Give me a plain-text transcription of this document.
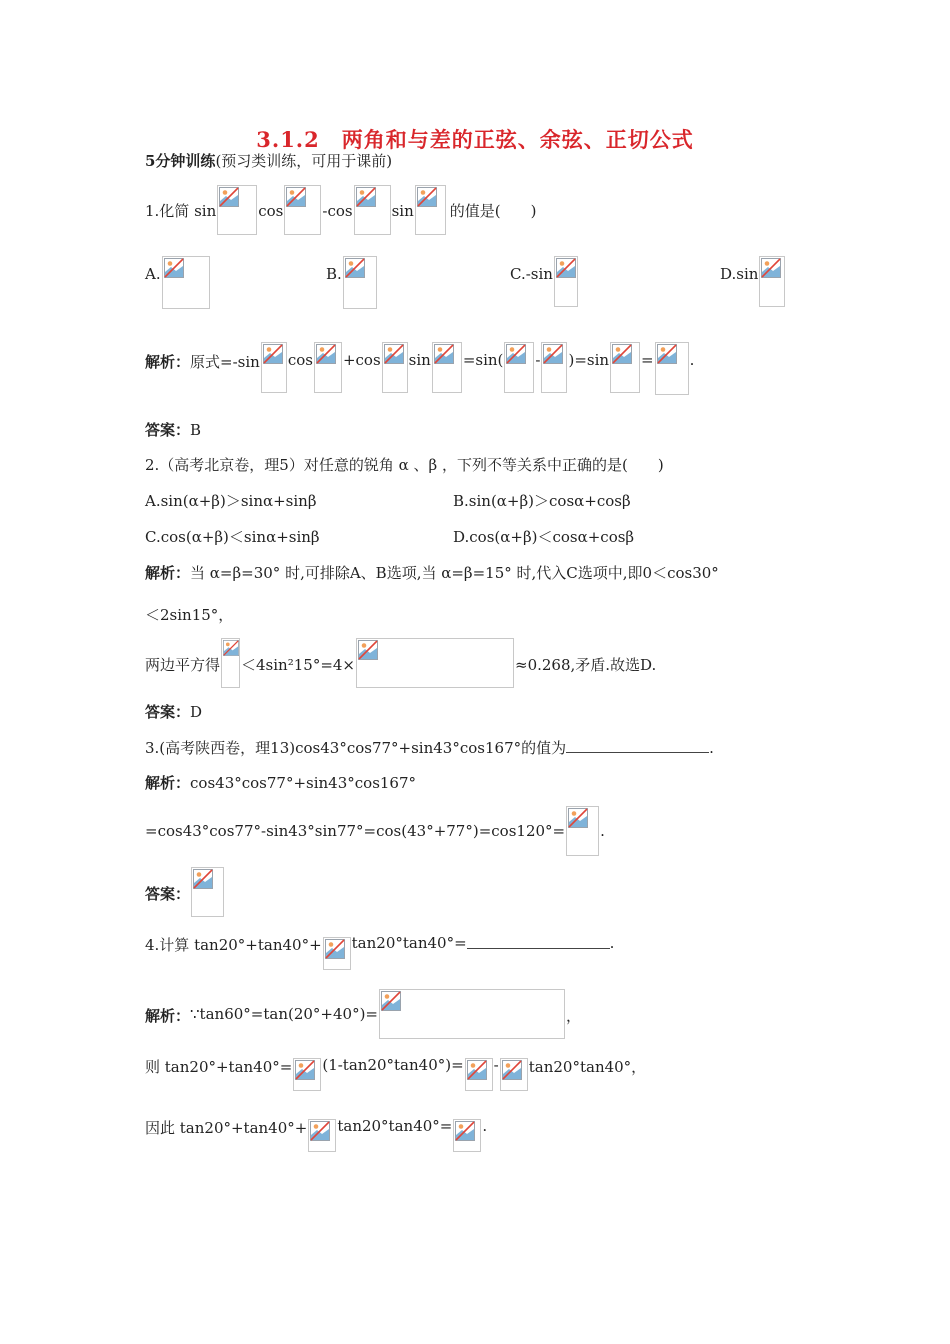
3.1.2　两角和与差的正弦、余弦、正切公式
5分钟训练(预习类训练，可用于课前)
1.化简 sin	cos	-cos	sin 的值是(　　)
A.	B.	C.-sin	D.sin
解析： 原式=-sin cos +cos sin =sin( - )=sin = .
答案：B
2.（高考北京卷，理5）对任意的锐角 α 、β ，下列不等关系中正确的是(　　)
A.sin(α+β)＞sinα+sinβ	B.sin(α+β)＞cosα+cosβ
C.cos(α+β)＜sinα+sinβ	D.cos(α+β)＜cosα+cosβ
解析：当 α=β=30° 时,可排除A、B选项,当 α=β=15° 时,代入C选项中,即0＜cos30°
＜2sin15°，
两边平方得 ＜4sin²15°=4×	≈0.268,矛盾.故选D.
答案：D
3.(高考陕西卷，理13)cos43°cos77°+sin43°cos167°的值为	.
解析：cos43°cos77°+sin43°cos167°
=cos43°cos77°-sin43°sin77°=cos(43°+77°)=cos120°= .
答案：
4.计算 tan20°+tan40°+ tan20°tan40°=	.
解析： ∵tan60°=tan(20°+40°)=	，
则 tan20°+tan40°= (1-tan20°tan40°)= - tan20°tan40°，
因此 tan20°+tan40°+ tan20°tan40°= .
